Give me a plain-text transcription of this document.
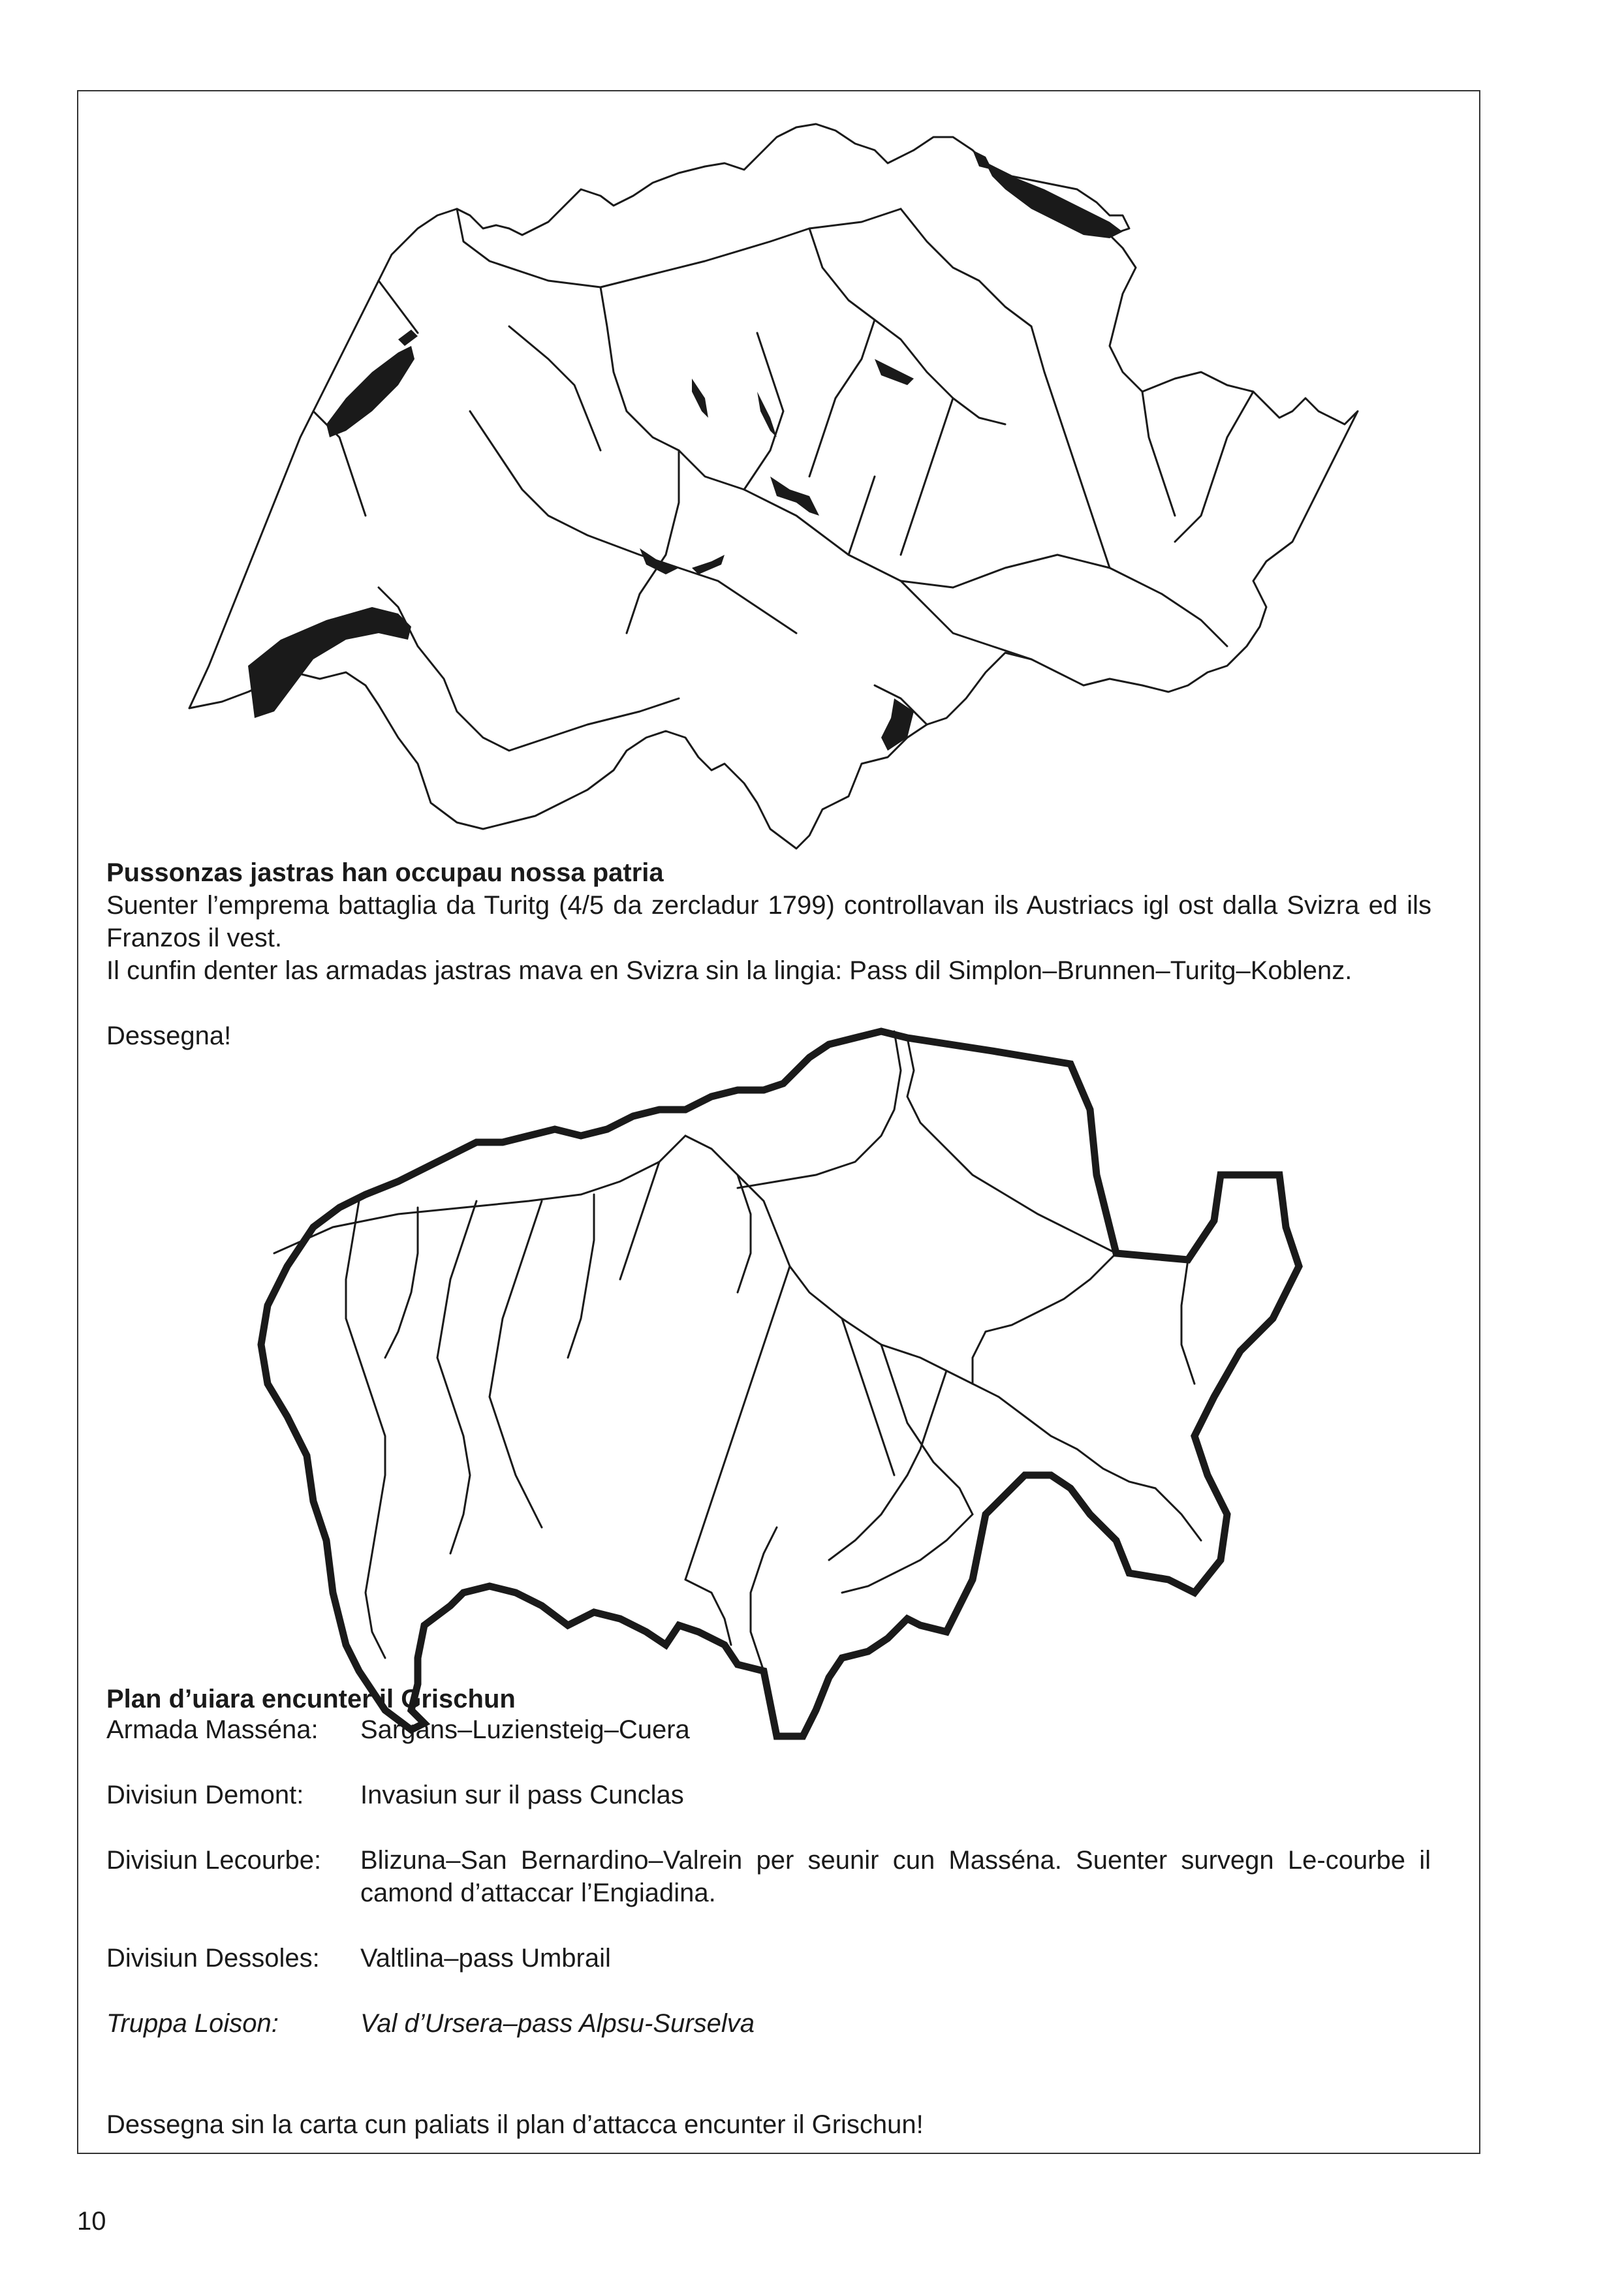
Pussonzas jastras han occupau nossa patria

Suenter l’emprema battaglia da Turitg (4/5 da zercladur 1799) controllavan ils Austriacs igl ost dalla Svizra ed ils Franzos il vest.

Il cunfin denter las armadas jastras mava en Svizra sin la lingia: Pass dil Simplon–Brunnen–Turitg–Koblenz.

Dessegna!

Plan d’uiara encunter il Grischun
Armada Masséna:	Sargans–Luziensteig–Cuera
Divisiun Demont:	Invasiun sur il pass Cunclas
Divisiun Lecourbe:	Blizuna–San Bernardino–Valrein per seunir cun Masséna. Suenter survegn Le-courbe il camond d’attaccar l’Engiadina.
Divisiun Dessoles:	Valtlina–pass Umbrail
Truppa Loison:	Val d’Ursera–pass Alpsu-Surselva

Dessegna sin la carta cun paliats il plan d’attacca encunter il Grischun!

10
